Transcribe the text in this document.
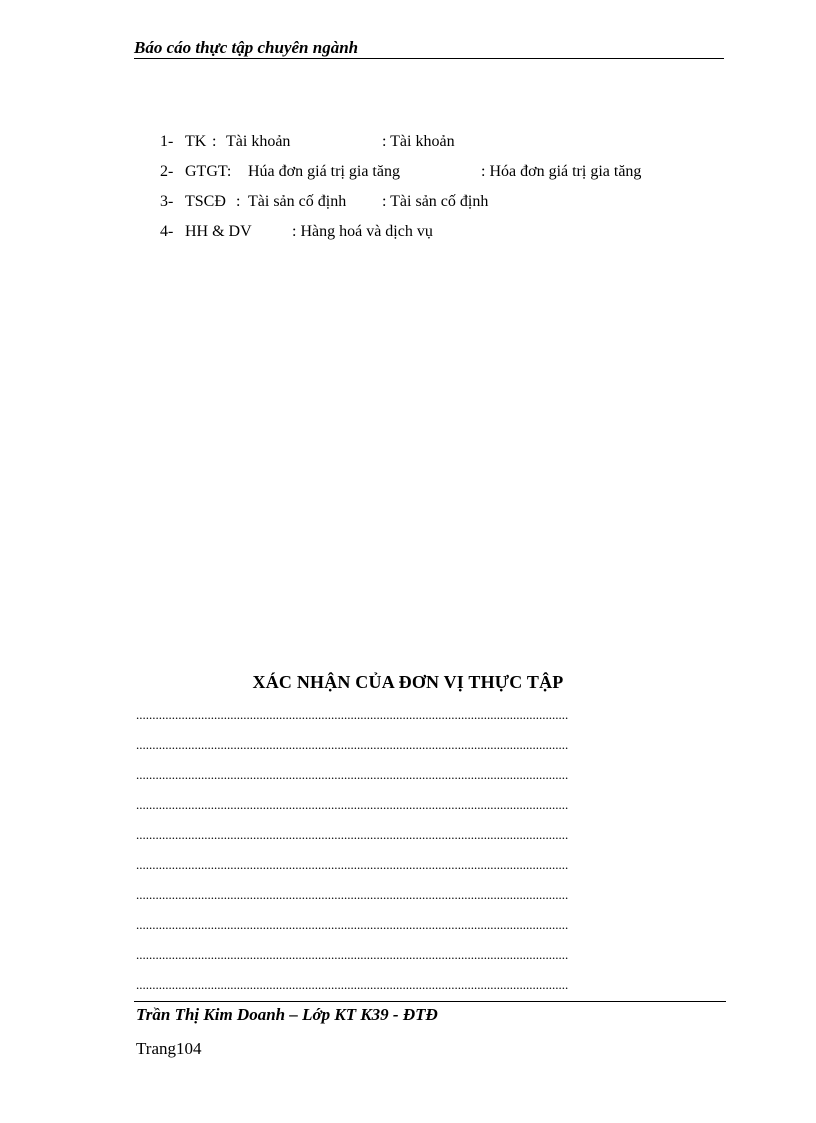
Báo cáo thực tập chuyên ngành
1- TK : Tài khoản	: Tài khoản
2- GTGT: Húa đơn giá trị gia tăng	: Hóa đơn giá trị gia tăng
3- TSCĐ : Tài sản cố định : Tài sản cố định
4- HH & DV	: Hàng hoá và dịch vụ
XÁC NHẬN CỦA ĐƠN VỊ THỰC TẬP
.....................................................................................................................................
.....................................................................................................................................
.....................................................................................................................................
.....................................................................................................................................
.....................................................................................................................................
.....................................................................................................................................
.....................................................................................................................................
.....................................................................................................................................
.....................................................................................................................................
.....................................................................................................................................
Trần Thị Kim Doanh – Lớp KT K39 - ĐTĐ
Trang104
